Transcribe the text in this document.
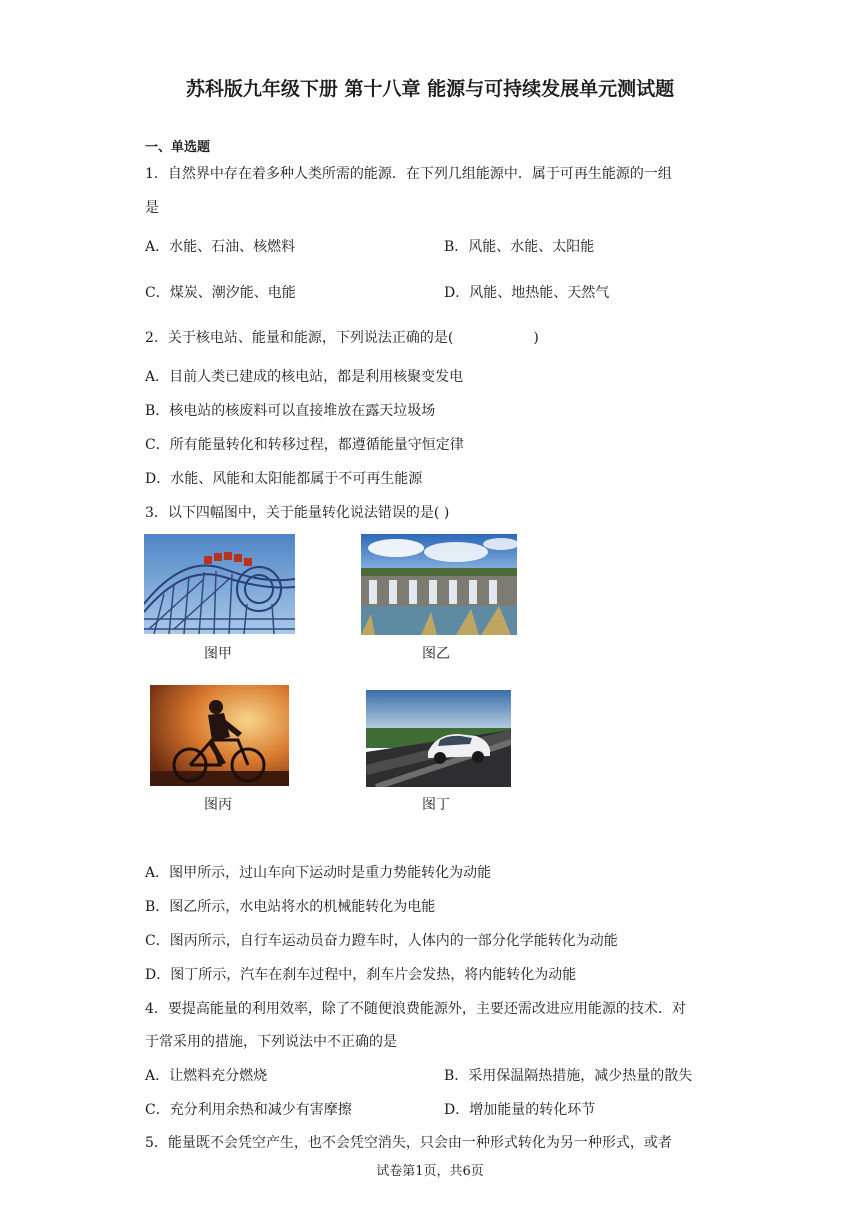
苏科版九年级下册 第十八章 能源与可持续发展单元测试题
一、单选题
1．自然界中存在着多种人类所需的能源．在下列几组能源中．属于可再生能源的一组
是
A．水能、石油、核燃料	B．风能、水能、太阳能
C．煤炭、潮汐能、电能	D．风能、地热能、天然气
2．关于核电站、能量和能源，下列说法正确的是(	)
A．目前人类已建成的核电站，都是利用核聚变发电
B．核电站的核废料可以直接堆放在露天垃圾场
C．所有能量转化和转移过程，都遵循能量守恒定律
D．水能、风能和太阳能都属于不可再生能源
3．以下四幅图中，关于能量转化说法错误的是( )
图甲	图乙
图丙	图丁
A．图甲所示，过山车向下运动时是重力势能转化为动能
B．图乙所示，水电站将水的机械能转化为电能
C．图丙所示，自行车运动员奋力蹬车时，人体内的一部分化学能转化为动能
D．图丁所示，汽车在刹车过程中，刹车片会发热，将内能转化为动能
4．要提高能量的利用效率，除了不随便浪费能源外，主要还需改进应用能源的技术．对
于常采用的措施，下列说法中不正确的是
A．让燃料充分燃烧	B．采用保温隔热措施，减少热量的散失
C．充分利用余热和减少有害摩擦	D．增加能量的转化环节
5．能量既不会凭空产生，也不会凭空消失，只会由一种形式转化为另一种形式，或者
试卷第1页，共6页
